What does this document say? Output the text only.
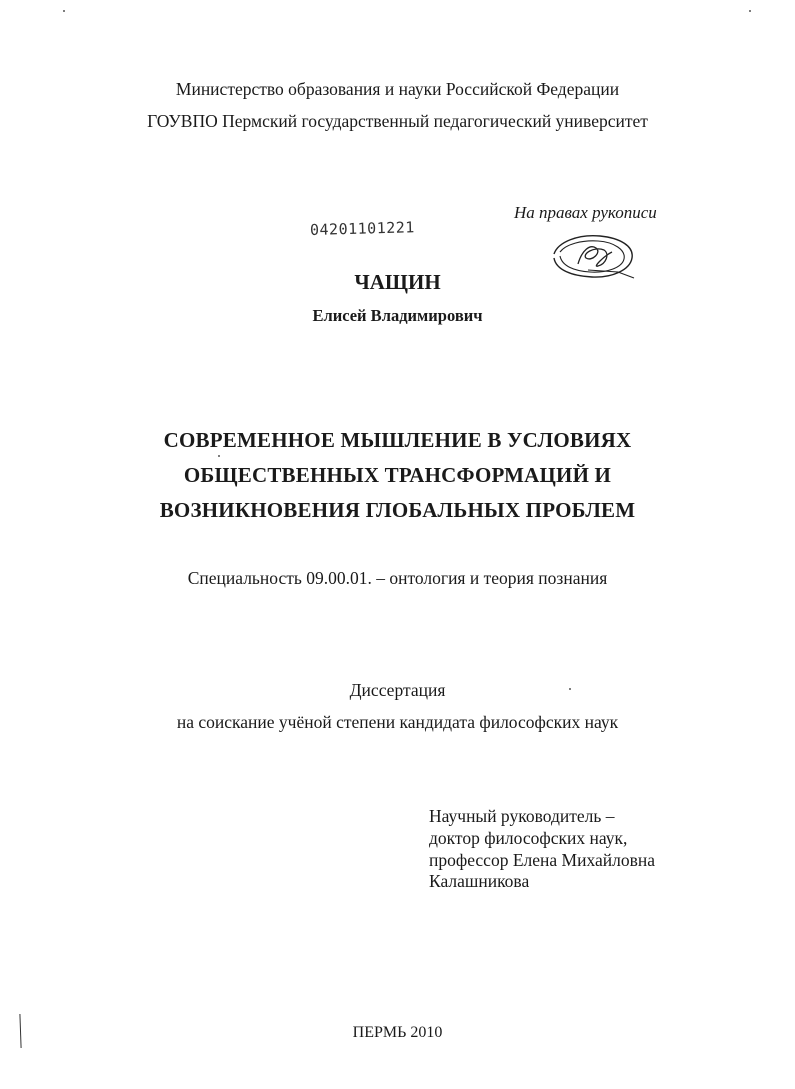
Министерство образования и науки Российской Федерации
ГОУВПО Пермский государственный педагогический университет
На правах рукописи
04201101221
ЧАЩИН
Елисей Владимирович
СОВРЕМЕННОЕ МЫШЛЕНИЕ В УСЛОВИЯХ
ОБЩЕСТВЕННЫХ ТРАНСФОРМАЦИЙ И
ВОЗНИКНОВЕНИЯ ГЛОБАЛЬНЫХ ПРОБЛЕМ
Специальность 09.00.01. – онтология и теория познания
Диссертация
на соискание учёной степени кандидата философских наук
Научный руководитель –
доктор философских наук,
профессор Елена Михайловна
Калашникова
ПЕРМЬ 2010
